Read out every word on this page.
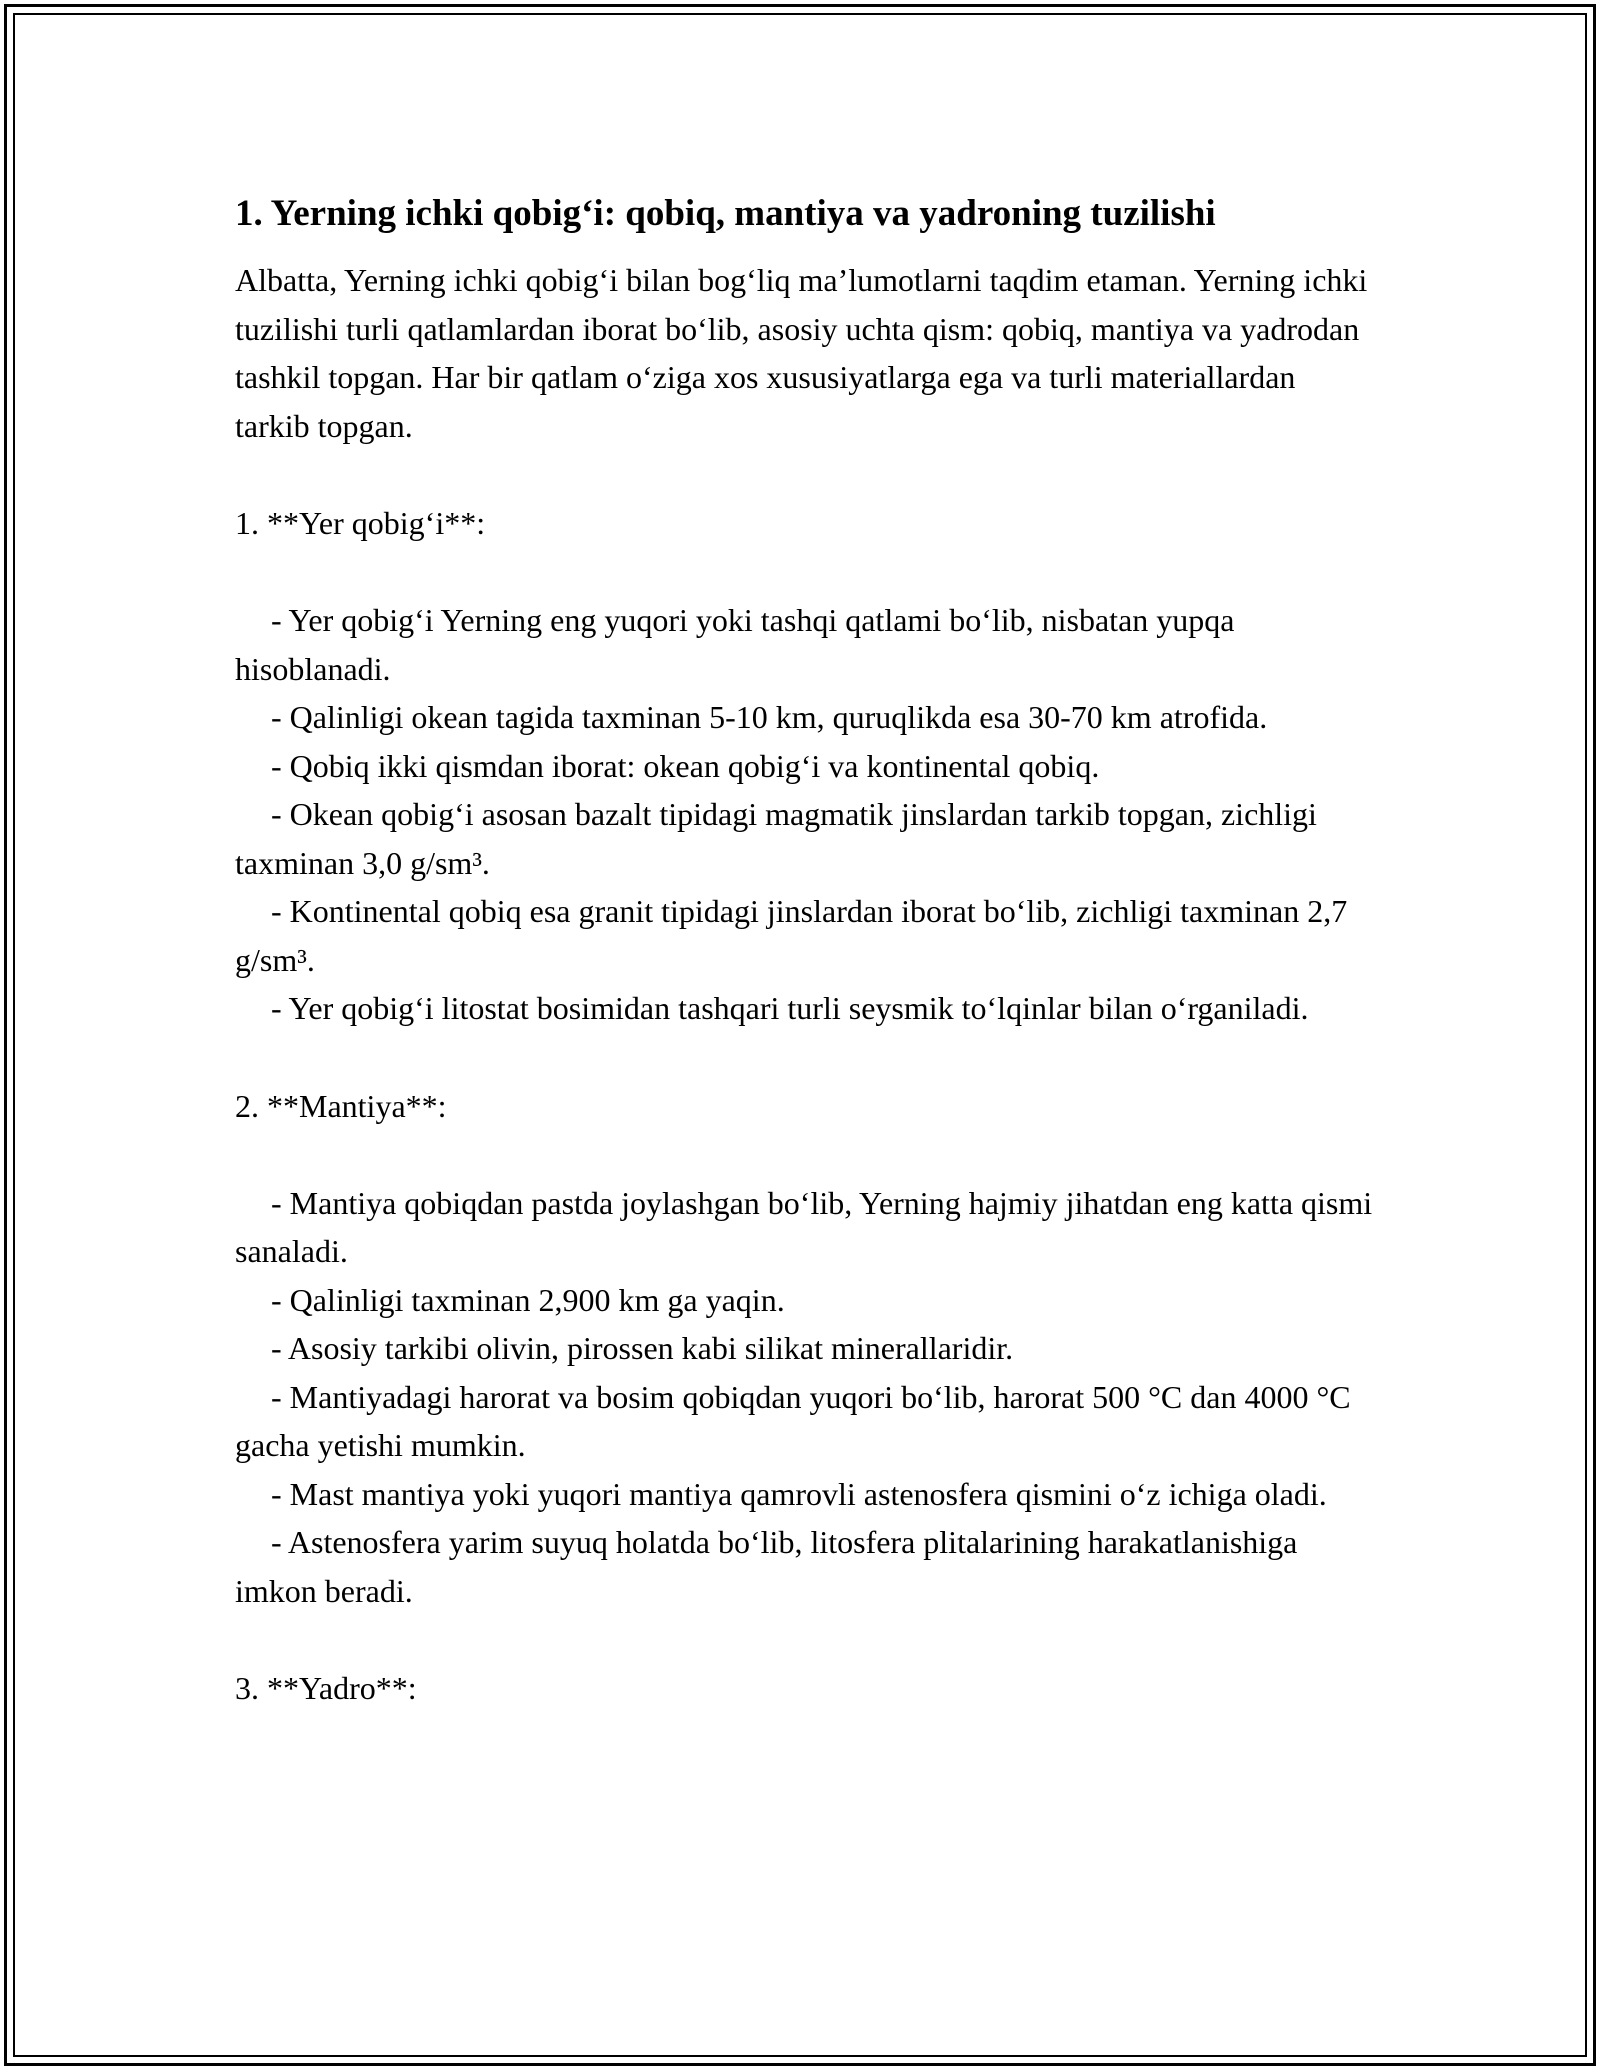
1. Yerning ichki qobig‘i: qobiq, mantiya va yadroning tuzilishi

Albatta, Yerning ichki qobig‘i bilan bog‘liq ma’lumotlarni taqdim etaman. Yerning ichki tuzilishi turli qatlamlardan iborat bo‘lib, asosiy uchta qism: qobiq, mantiya va yadrodan tashkil topgan. Har bir qatlam o‘ziga xos xususiyatlarga ega va turli materiallardan tarkib topgan.

1. **Yer qobig‘i**:

- Yer qobig‘i Yerning eng yuqori yoki tashqi qatlami bo‘lib, nisbatan yupqa hisoblanadi.

- Qalinligi okean tagida taxminan 5-10 km, quruqlikda esa 30-70 km atrofida.

- Qobiq ikki qismdan iborat: okean qobig‘i va kontinental qobiq.

- Okean qobig‘i asosan bazalt tipidagi magmatik jinslardan tarkib topgan, zichligi taxminan 3,0 g/sm³.

- Kontinental qobiq esa granit tipidagi jinslardan iborat bo‘lib, zichligi taxminan 2,7 g/sm³.

- Yer qobig‘i litostat bosimidan tashqari turli seysmik to‘lqinlar bilan o‘rganiladi.

2. **Mantiya**:

- Mantiya qobiqdan pastda joylashgan bo‘lib, Yerning hajmiy jihatdan eng katta qismi sanaladi.

- Qalinligi taxminan 2,900 km ga yaqin.

- Asosiy tarkibi olivin, pirossen kabi silikat minerallaridir.

- Mantiyadagi harorat va bosim qobiqdan yuqori bo‘lib, harorat 500 °C dan 4000 °C gacha yetishi mumkin.

- Mast mantiya yoki yuqori mantiya qamrovli astenosfera qismini o‘z ichiga oladi.

- Astenosfera yarim suyuq holatda bo‘lib, litosfera plitalarining harakatlanishiga imkon beradi.

3. **Yadro**:
